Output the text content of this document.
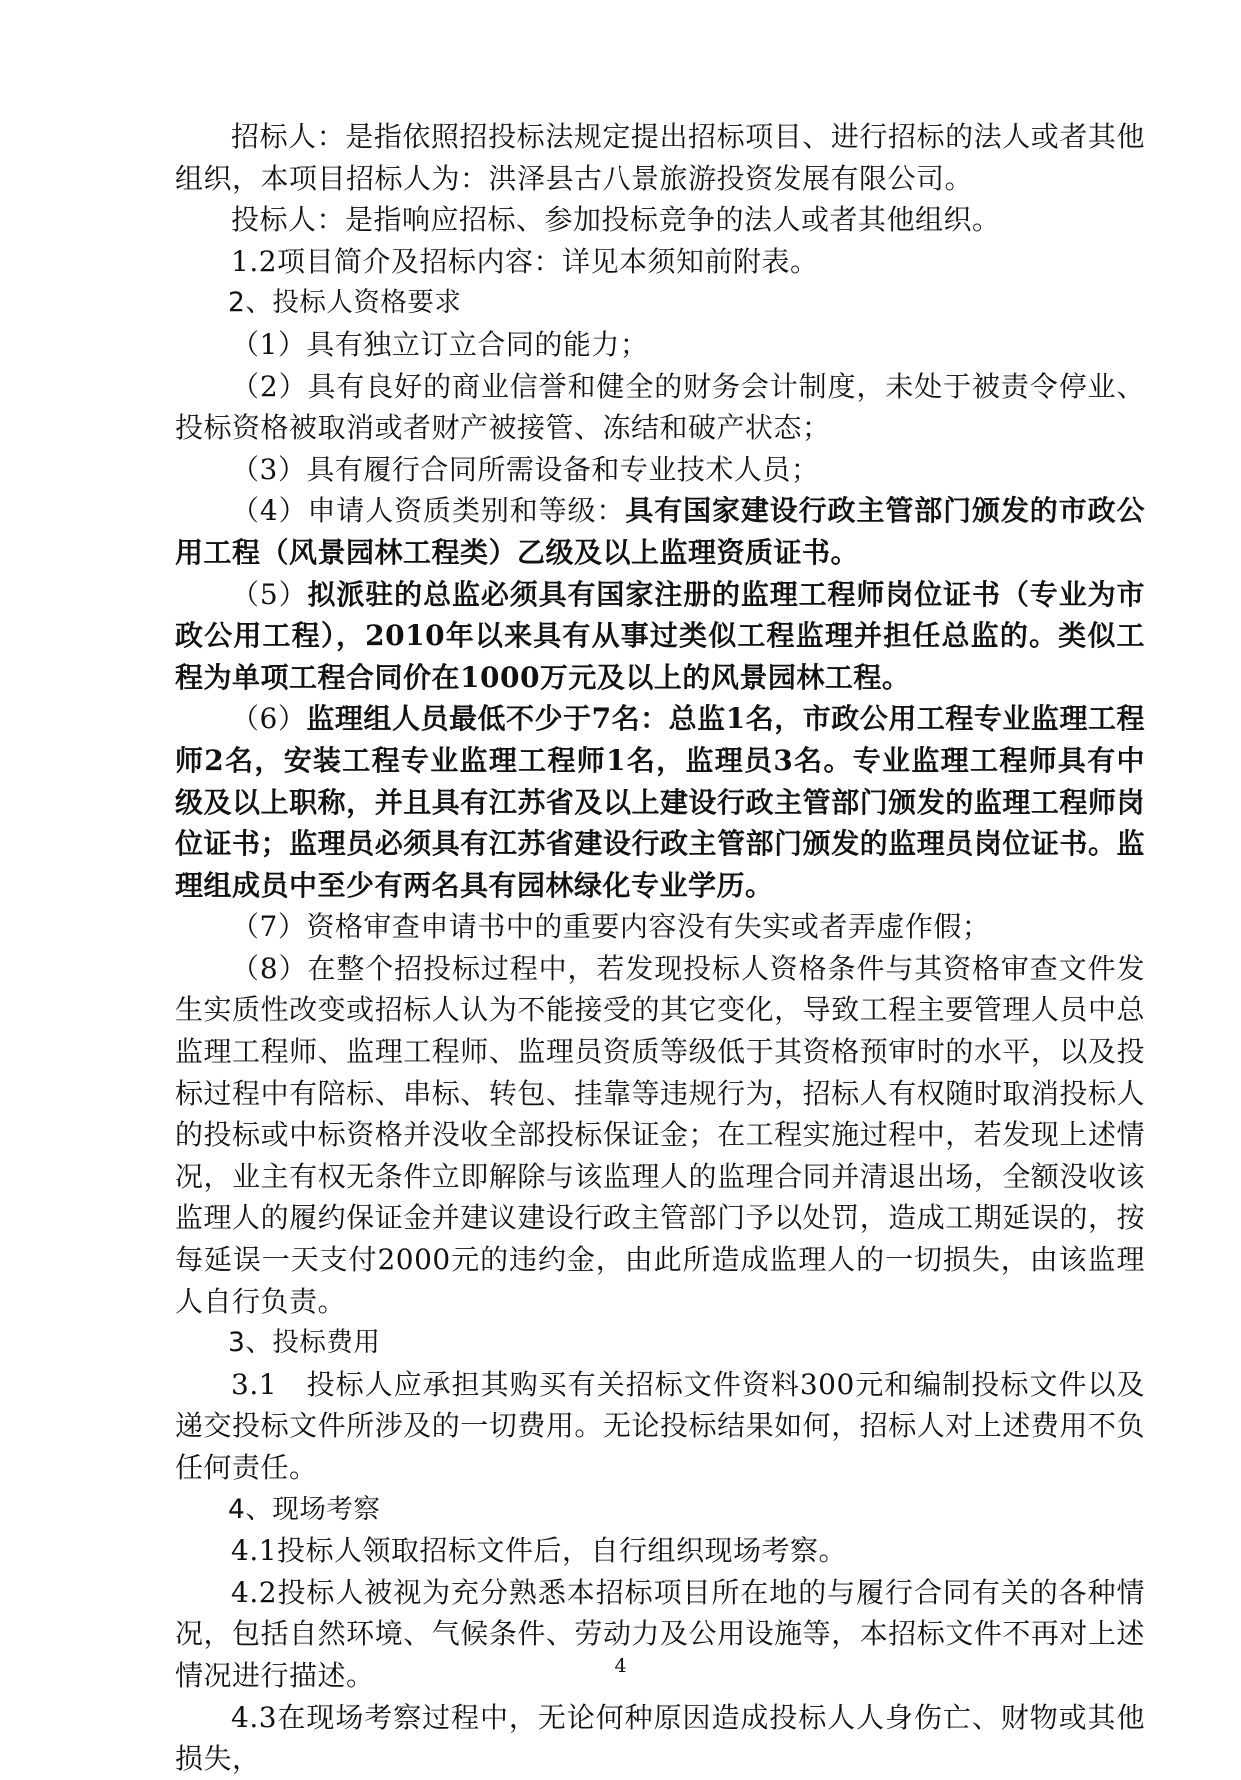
招标人：是指依照招投标法规定提出招标项目、进行招标的法人或者其他组织，本项目招标人为：洪泽县古八景旅游投资发展有限公司。

投标人：是指响应招标、参加投标竞争的法人或者其他组织。

1.2项目简介及招标内容：详见本须知前附表。

2、投标人资格要求

（1）具有独立订立合同的能力；

（2）具有良好的商业信誉和健全的财务会计制度，未处于被责令停业、投标资格被取消或者财产被接管、冻结和破产状态；

（3）具有履行合同所需设备和专业技术人员；

（4）申请人资质类别和等级：具有国家建设行政主管部门颁发的市政公用工程（风景园林工程类）乙级及以上监理资质证书。

（5）拟派驻的总监必须具有国家注册的监理工程师岗位证书（专业为市政公用工程），2010年以来具有从事过类似工程监理并担任总监的。类似工程为单项工程合同价在1000万元及以上的风景园林工程。

（6）监理组人员最低不少于7名：总监1名，市政公用工程专业监理工程师2名，安装工程专业监理工程师1名，监理员3名。专业监理工程师具有中级及以上职称，并且具有江苏省及以上建设行政主管部门颁发的监理工程师岗位证书；监理员必须具有江苏省建设行政主管部门颁发的监理员岗位证书。监理组成员中至少有两名具有园林绿化专业学历。

（7）资格审查申请书中的重要内容没有失实或者弄虚作假；

（8）在整个招投标过程中，若发现投标人资格条件与其资格审查文件发生实质性改变或招标人认为不能接受的其它变化，导致工程主要管理人员中总监理工程师、监理工程师、监理员资质等级低于其资格预审时的水平，以及投标过程中有陪标、串标、转包、挂靠等违规行为，招标人有权随时取消投标人的投标或中标资格并没收全部投标保证金；在工程实施过程中，若发现上述情况，业主有权无条件立即解除与该监理人的监理合同并清退出场，全额没收该监理人的履约保证金并建议建设行政主管部门予以处罚，造成工期延误的，按每延误一天支付2000元的违约金，由此所造成监理人的一切损失，由该监理人自行负责。

3、投标费用

3.1　投标人应承担其购买有关招标文件资料300元和编制投标文件以及递交投标文件所涉及的一切费用。无论投标结果如何，招标人对上述费用不负任何责任。

4、现场考察

4.1投标人领取招标文件后，自行组织现场考察。

4.2投标人被视为充分熟悉本招标项目所在地的与履行合同有关的各种情况，包括自然环境、气候条件、劳动力及公用设施等，本招标文件不再对上述情况进行描述。

4.3在现场考察过程中，无论何种原因造成投标人人身伤亡、财物或其他损失，

4
